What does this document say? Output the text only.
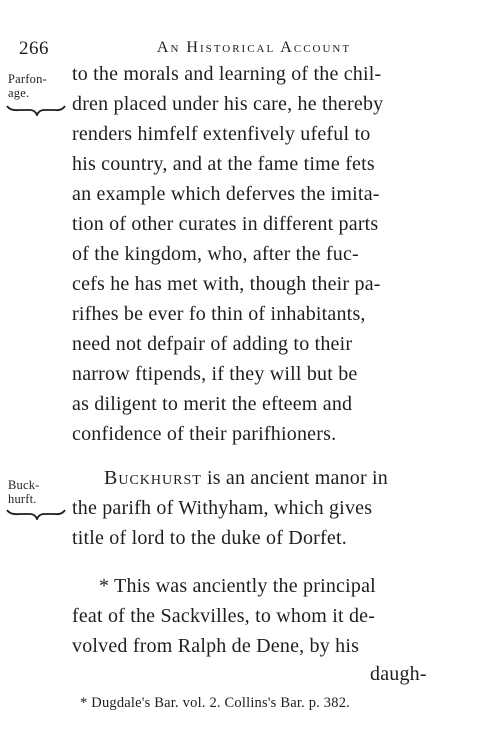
266	An Historical Account
Parfon-
age.
to the morals and learning of the chil-
dren placed under his care, he thereby
renders himfelf extenfively ufeful to
his country, and at the fame time fets
an example which deferves the imita-
tion of other curates in different parts
of the kingdom, who, after the fuc-
cefs he has met with, though their pa-
rifhes be ever fo thin of inhabitants,
need not defpair of adding to their
narrow ftipends, if they will but be
as diligent to merit the efteem and
confidence of their parifhioners.
Buck-
hurft.
Buckhurst is an ancient manor in
the parifh of Withyham, which gives
title of lord to the duke of Dorfet.
* This was anciently the principal
feat of the Sackvilles, to whom it de-
volved from Ralph de Dene, by his
daugh-
* Dugdale's Bar. vol. 2. Collins's Bar. p. 382.
